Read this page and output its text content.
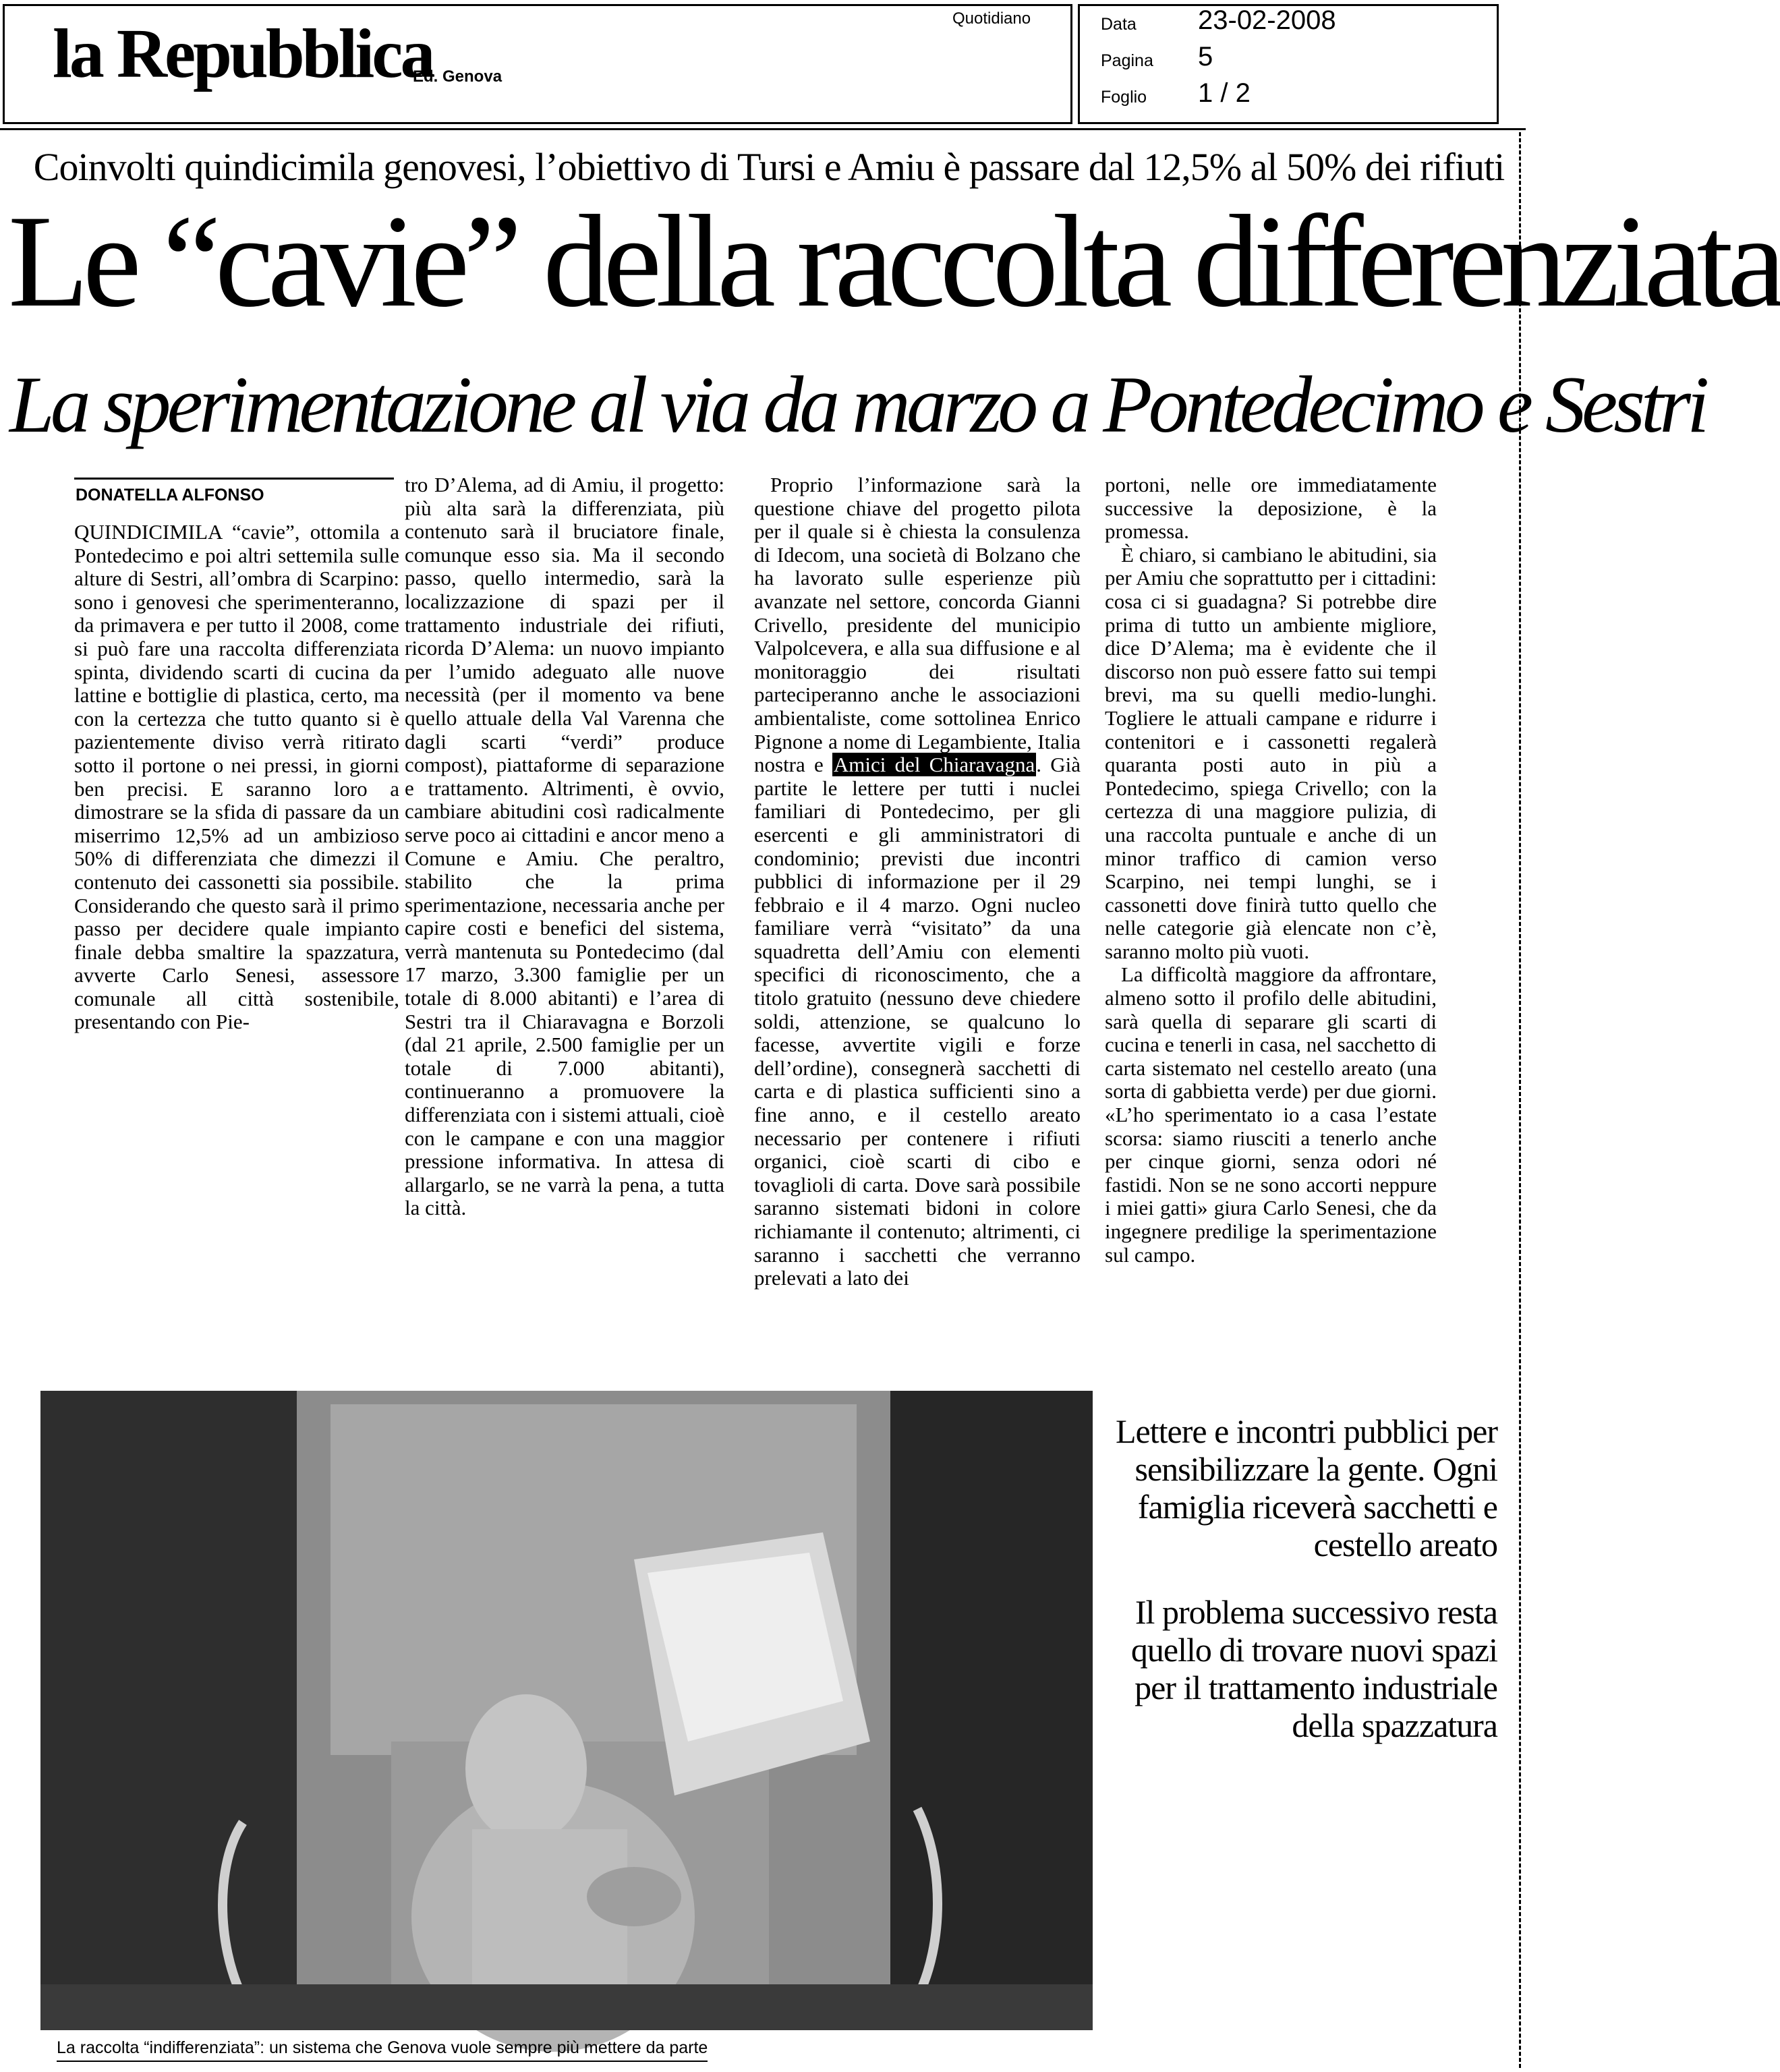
la Repubblica
Ed. Genova
Quotidiano	Data 23-02-2008
Pagina 5
Foglio 1 / 2
Coinvolti quindicimila genovesi, l’obiettivo di Tursi e Amiu è passare dal 12,5% al 50% dei rifiuti
Le “cavie” della raccolta differenziata
La sperimentazione al via da marzo a Pontedecimo e Sestri
DONATELLA ALFONSO

QUINDICIMILA “cavie”, ottomila a Pontedecimo e poi altri settemila sulle alture di Sestri, all’ombra di Scarpino: sono i genovesi che sperimenteranno, da primavera e per tutto il 2008, come si può fare una raccolta differenziata spinta, dividendo scarti di cucina da lattine e bottiglie di plastica, certo, ma con la certezza che tutto quanto si è pazientemente diviso verrà ritirato sotto il portone o nei pressi, in giorni ben precisi. E saranno loro a dimostrare se la sfida di passare da un miserrimo 12,5% ad un ambizioso 50% di differenziata che dimezzi il contenuto dei cassonetti sia possibile. Considerando che questo sarà il primo passo per decidere quale impianto finale debba smaltire la spazzatura, avverte Carlo Senesi, assessore comunale all città sostenibile, presentando con Pie-

tro D’Alema, ad di Amiu, il progetto: più alta sarà la differenziata, più contenuto sarà il bruciatore finale, comunque esso sia. Ma il secondo passo, quello intermedio, sarà la localizzazione di spazi per il trattamento industriale dei rifiuti, ricorda D’Alema: un nuovo impianto per l’umido adeguato alle nuove necessità (per il momento va bene quello attuale della Val Varenna che dagli scarti “verdi” produce compost), piattaforme di separazione e trattamento. Altrimenti, è ovvio, cambiare abitudini così radicalmente serve poco ai cittadini e ancor meno a Comune e Amiu. Che peraltro, stabilito che la prima sperimentazione, necessaria anche per capire costi e benefici del sistema, verrà mantenuta su Pontedecimo (dal 17 marzo, 3.300 famiglie per un totale di 8.000 abitanti) e l’area di Sestri tra il Chiaravagna e Borzoli (dal 21 aprile, 2.500 famiglie per un totale di 7.000 abitanti), continueranno a promuovere la differenziata con i sistemi attuali, cioè con le campane e con una maggior pressione informativa. In attesa di allargarlo, se ne varrà la pena, a tutta la città.

Proprio l’informazione sarà la questione chiave del progetto pilota per il quale si è chiesta la consulenza di Idecom, una società di Bolzano che ha lavorato sulle esperienze più avanzate nel settore, concorda Gianni Crivello, presidente del municipio Valpolcevera, e alla sua diffusione e al monitoraggio dei risultati parteciperanno anche le associazioni ambientaliste, come sottolinea Enrico Pignone a nome di Legambiente, Italia nostra e Amici del Chiaravagna. Già partite le lettere per tutti i nuclei familiari di Pontedecimo, per gli esercenti e gli amministratori di condominio; previsti due incontri pubblici di informazione per il 29 febbraio e il 4 marzo. Ogni nucleo familiare verrà “visitato” da una squadretta dell’Amiu con elementi specifici di riconoscimento, che a titolo gratuito (nessuno deve chiedere soldi, attenzione, se qualcuno lo facesse, avvertite vigili e forze dell’ordine), consegnerà sacchetti di carta e di plastica sufficienti sino a fine anno, e il cestello areato necessario per contenere i rifiuti organici, cioè scarti di cibo e tovaglioli di carta. Dove sarà possibile saranno sistemati bidoni in colore richiamante il contenuto; altrimenti, ci saranno i sacchetti che verranno prelevati a lato dei

portoni, nelle ore immediatamente successive la deposizione, è la promessa.

È chiaro, si cambiano le abitudini, sia per Amiu che soprattutto per i cittadini: cosa ci si guadagna? Si potrebbe dire prima di tutto un ambiente migliore, dice D’Alema; ma è evidente che il discorso non può essere fatto sui tempi brevi, ma su quelli medio-lunghi. Togliere le attuali campane e ridurre i contenitori e i cassonetti regalerà quaranta posti auto in più a Pontedecimo, spiega Crivello; con la certezza di una maggiore pulizia, di una raccolta puntuale e anche di un minor traffico di camion verso Scarpino, nei tempi lunghi, se i cassonetti dove finirà tutto quello che nelle categorie già elencate non c’è, saranno molto più vuoti.

La difficoltà maggiore da affrontare, almeno sotto il profilo delle abitudini, sarà quella di separare gli scarti di cucina e tenerli in casa, nel sacchetto di carta sistemato nel cestello areato (una sorta di gabbietta verde) per due giorni. «L’ho sperimentato io a casa l’estate scorsa: siamo riusciti a tenerlo anche per cinque giorni, senza odori né fastidi. Non se ne sono accorti neppure i miei gatti» giura Carlo Senesi, che da ingegnere predilige la sperimentazione sul campo.

La raccolta “indifferenziata”: un sistema che Genova vuole sempre più mettere da parte
Lettere e incontri pubblici per sensibilizzare la gente. Ogni famiglia riceverà sacchetti e cestello areato
Il problema successivo resta quello di trovare nuovi spazi per il trattamento industriale della spazzatura
